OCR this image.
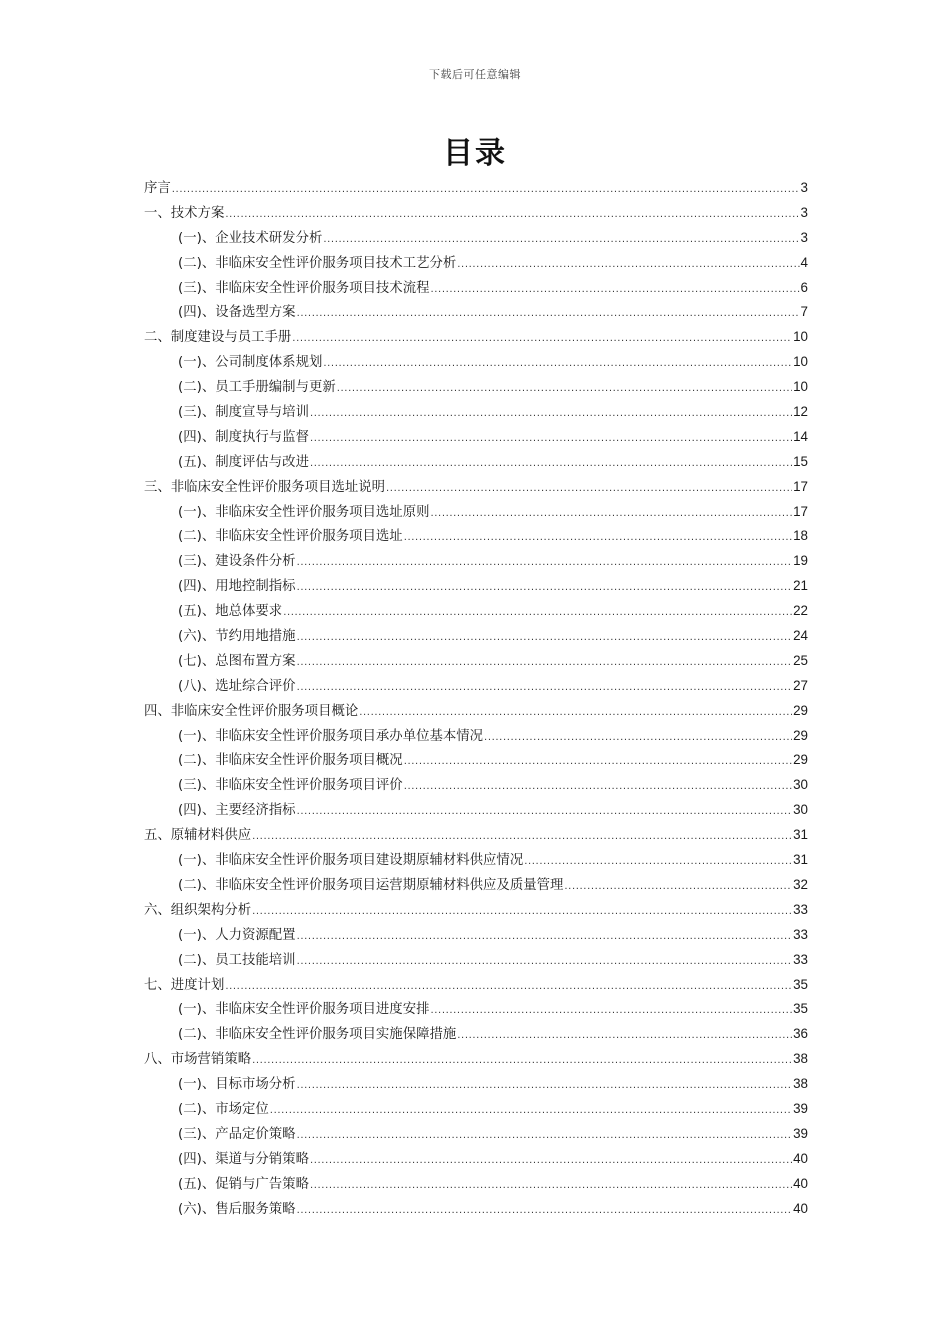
下载后可任意编辑
目录
序言 .....	3
一、技术方案 .....	3
(一)、企业技术研发分析 .....	3
(二)、非临床安全性评价服务项目技术工艺分析 .....	4
(三)、非临床安全性评价服务项目技术流程 .....	6
(四)、设备选型方案 .....	7
二、制度建设与员工手册 .....	10
(一)、公司制度体系规划 .....	10
(二)、员工手册编制与更新 .....	10
(三)、制度宣导与培训 .....	12
(四)、制度执行与监督 .....	14
(五)、制度评估与改进 .....	15
三、非临床安全性评价服务项目选址说明 .....	17
(一)、非临床安全性评价服务项目选址原则 .....	17
(二)、非临床安全性评价服务项目选址 .....	18
(三)、建设条件分析 .....	19
(四)、用地控制指标 .....	21
(五)、地总体要求 .....	22
(六)、节约用地措施 .....	24
(七)、总图布置方案 .....	25
(八)、选址综合评价 .....	27
四、非临床安全性评价服务项目概论 .....	29
(一)、非临床安全性评价服务项目承办单位基本情况 .....	29
(二)、非临床安全性评价服务项目概况 .....	29
(三)、非临床安全性评价服务项目评价 .....	30
(四)、主要经济指标 .....	30
五、原辅材料供应 .....	31
(一)、非临床安全性评价服务项目建设期原辅材料供应情况 .....	31
(二)、非临床安全性评价服务项目运营期原辅材料供应及质量管理 .....	32
六、组织架构分析 .....	33
(一)、人力资源配置 .....	33
(二)、员工技能培训 .....	33
七、进度计划 .....	35
(一)、非临床安全性评价服务项目进度安排 .....	35
(二)、非临床安全性评价服务项目实施保障措施 .....	36
八、市场营销策略 .....	38
(一)、目标市场分析 .....	38
(二)、市场定位 .....	39
(三)、产品定价策略 .....	39
(四)、渠道与分销策略 .....	40
(五)、促销与广告策略 .....	40
(六)、售后服务策略 .....	40
